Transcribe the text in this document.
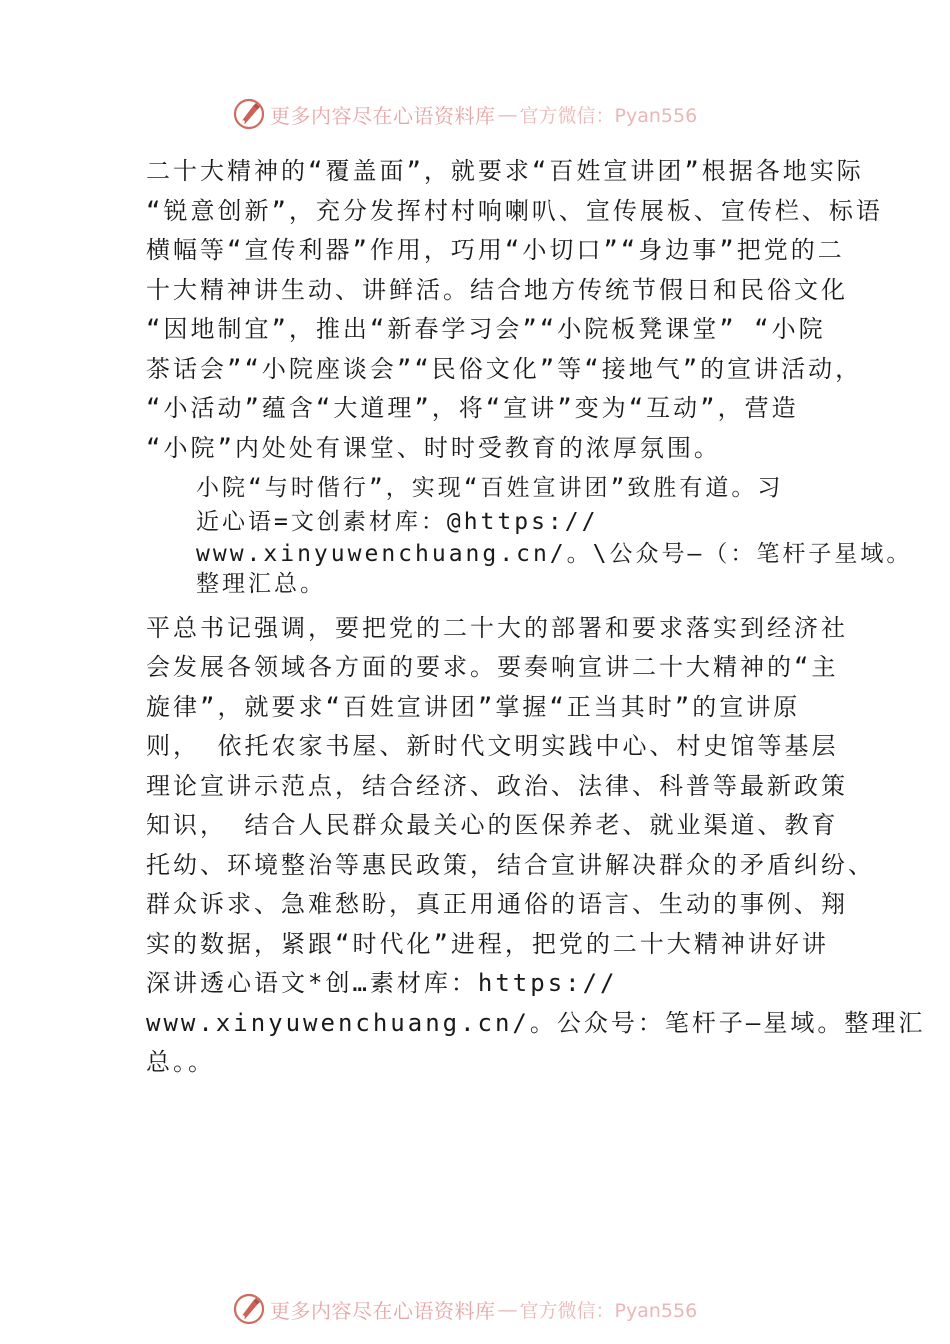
更多内容尽在心语资料库 — 官方微信：Pyan556
二十大精神的“覆盖面”，就要求“百姓宣讲团”根据各地实际
“锐意创新”，充分发挥村村响喇叭、宣传展板、宣传栏、标语
横幅等“宣传利器”作用，巧用“小切口”“身边事”把党的二
十大精神讲生动、讲鲜活。结合地方传统节假日和民俗文化
“因地制宜”，推出“新春学习会”“小院板凳课堂” “小院
茶话会”“小院座谈会”“民俗文化”等“接地气”的宣讲活动，
“小活动”蕴含“大道理”，将“宣讲”变为“互动”，营造
“小院”内处处有课堂、时时受教育的浓厚氛围。
小院“与时偕行”，实现“百姓宣讲团”致胜有道。习
近心语=文创素材库：@https://
www.xinyuwenchuang.cn/。\公众号—（：笔杆子星域。
整理汇总。
平总书记强调，要把党的二十大的部署和要求落实到经济社
会发展各领域各方面的要求。要奏响宣讲二十大精神的“主
旋律”，就要求“百姓宣讲团”掌握“正当其时”的宣讲原
则， 依托农家书屋、新时代文明实践中心、村史馆等基层
理论宣讲示范点，结合经济、政治、法律、科普等最新政策
知识， 结合人民群众最关心的医保养老、就业渠道、教育
托幼、环境整治等惠民政策，结合宣讲解决群众的矛盾纠纷、
群众诉求、急难愁盼，真正用通俗的语言、生动的事例、翔
实的数据，紧跟“时代化”进程，把党的二十大精神讲好讲
深讲透心语文*创…素材库：https://
www.xinyuwenchuang.cn/。公众号：笔杆子—星域。整理汇
总。。
更多内容尽在心语资料库 — 官方微信：Pyan556
